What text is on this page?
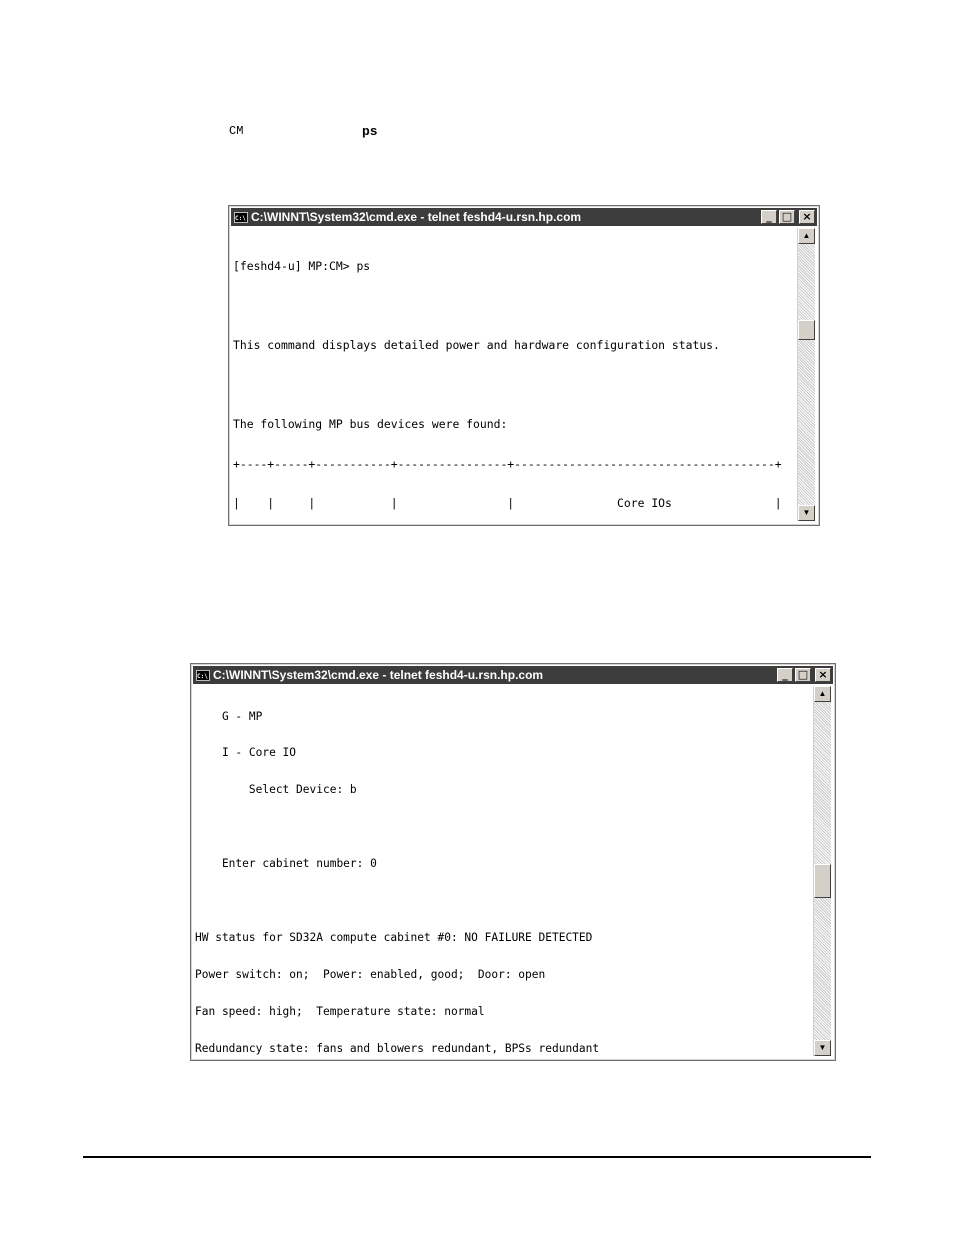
CM	ps
C:\ C:\WINNT\System32\cmd.exe - telnet feshd4-u.rsn.hp.com	_ □ ×

[feshd4-u] MP:CM> ps

This command displays detailed power and hardware configuration status.

The following MP bus devices were found:

+----+-----+-----------+----------------+--------------------------------------+

|    |     |           |                |               Core IOs               |

▲
▼
C:\ C:\WINNT\System32\cmd.exe - telnet feshd4-u.rsn.hp.com	_ □ ×

G - MP

I - Core IO

Select Device: b

Enter cabinet number: 0

HW status for SD32A compute cabinet #0: NO FAILURE DETECTED

Power switch: on;  Power: enabled, good;  Door: open

Fan speed: high;  Temperature state: normal

Redundancy state: fans and blowers redundant, BPSs redundant

▲
▼
